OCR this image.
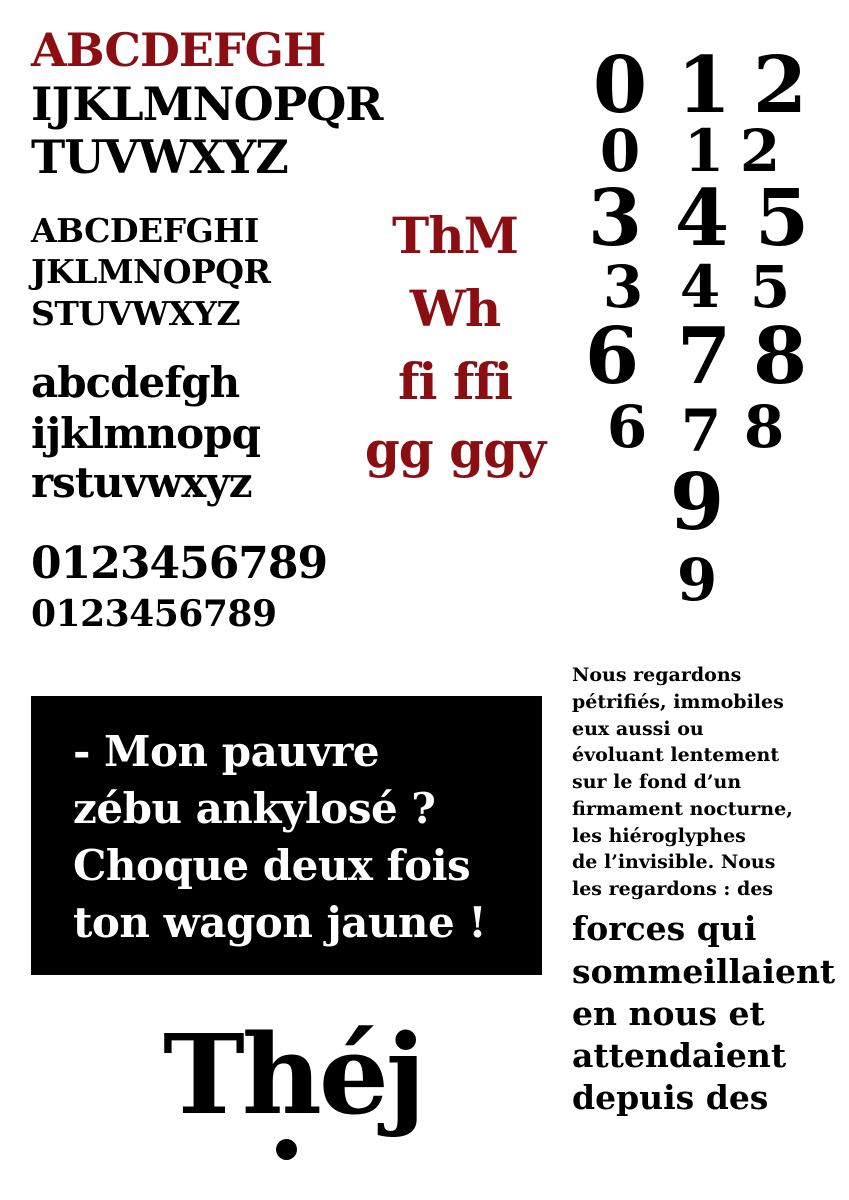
ABCDEFGH
IJKLMNOPQR
TUVWXYZ
ABCDEFGHI
JKLMNOPQR
STUVWXYZ
abcdefgh
ijklmnopq
rstuvwxyz
0123456789
0123456789
ThM
Wh
fi ffi
gg ggy
0
0
3
3
6
6
1
1
4
4
7
7
9
9
2
2
5
5
8
8
- Mon pauvre
zébu ankylosé ?
Choque deux fois
ton wagon jaune !
Nous regardons
pétrifiés, immobiles
eux aussi ou
évoluant lentement
sur le fond d’un
firmament nocturne,
les hiéroglyphes
de l’invisible. Nous
les regardons : des
forces qui
sommeillaient
en nous et
attendaient
depuis des
Théj
